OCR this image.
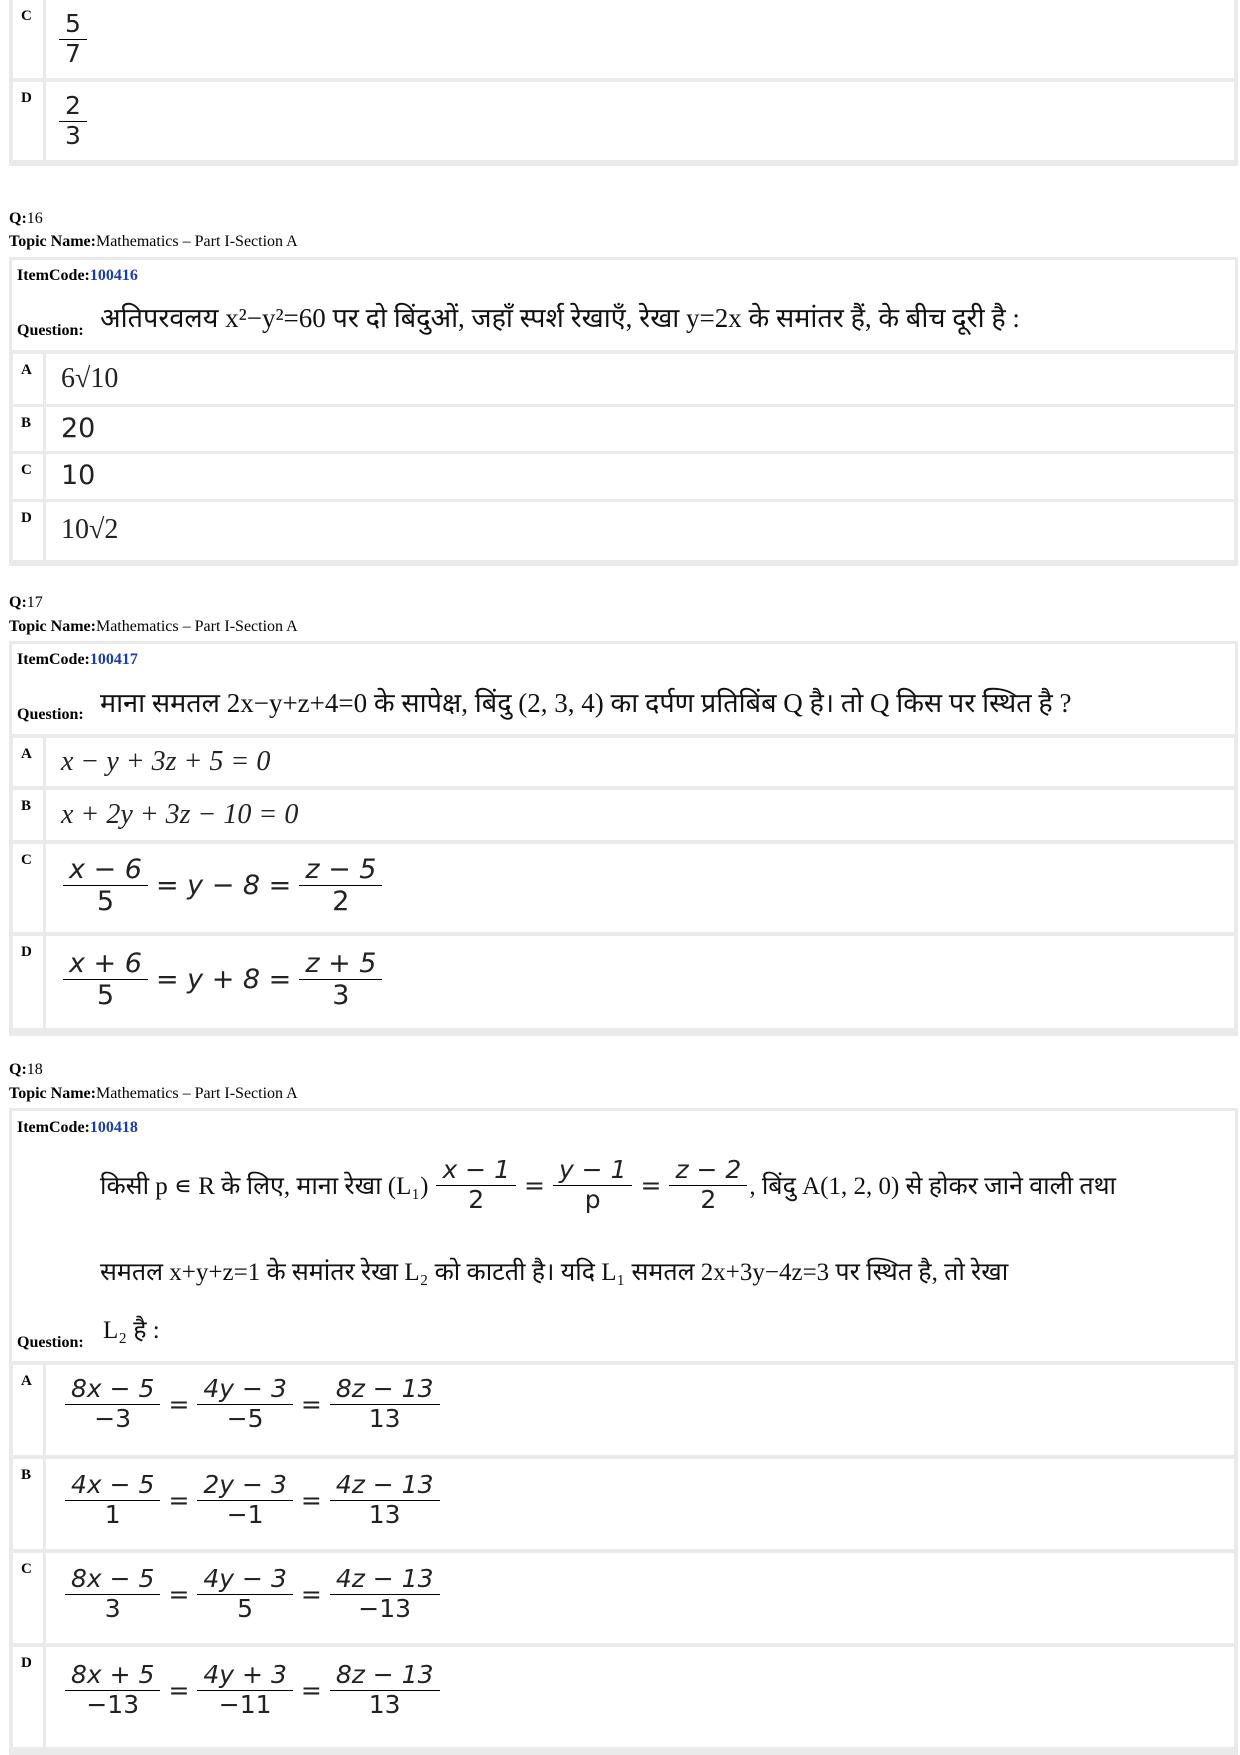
C $\frac{5}{7}$
D $\frac{2}{3}$
Q:16
Topic Name:Mathematics – Part I-Section A
ItemCode:100416
अतिपरवलय x²−y²=60 पर दो बिंदुओं, जहाँ स्पर्श रेखाएँ, रेखा y=2x के समांतर हैं, के बीच दूरी है :
Question:
A 6√10
B 20
C 10
D 10√2
Q:17
Topic Name:Mathematics – Part I-Section A
ItemCode:100417
माना समतल 2x−y+z+4=0 के सापेक्ष, बिंदु (2, 3, 4) का दर्पण प्रतिबिंब Q है। तो Q किस पर स्थित है ?
Question:
A x − y + 3z + 5 = 0
B x + 2y + 3z − 10 = 0
C $\frac{x - 6}{5} = y - 8 = \frac{z - 5}{2}$
D $\frac{x + 6}{5} = y + 8 = \frac{z + 5}{3}$
Q:18
Topic Name:Mathematics – Part I-Section A
ItemCode:100418
किसी p ∊ R के लिए, माना रेखा $(L_1) \frac{x - 1}{2} = \frac{y - 1}{p} = \frac{z - 2}{2}$ , बिंदु A(1, 2, 0) से होकर जाने वाली तथा
समतल x+y+z=1 के समांतर रेखा L₂ को काटती है। यदि L₁ समतल 2x+3y−4z=3 पर स्थित है, तो रेखा
L₂ है :
Question:
A $\frac{8x - 5}{-3} = \frac{4y - 3}{-5} = \frac{8z - 13}{13}$
B $\frac{4x - 5}{1} = \frac{2y - 3}{-1} = \frac{4z - 13}{13}$
C $\frac{8x - 5}{3} = \frac{4y - 3}{5} = \frac{4z - 13}{-13}$
D $\frac{8x + 5}{-13} = \frac{4y + 3}{-11} = \frac{8z - 13}{13}$
